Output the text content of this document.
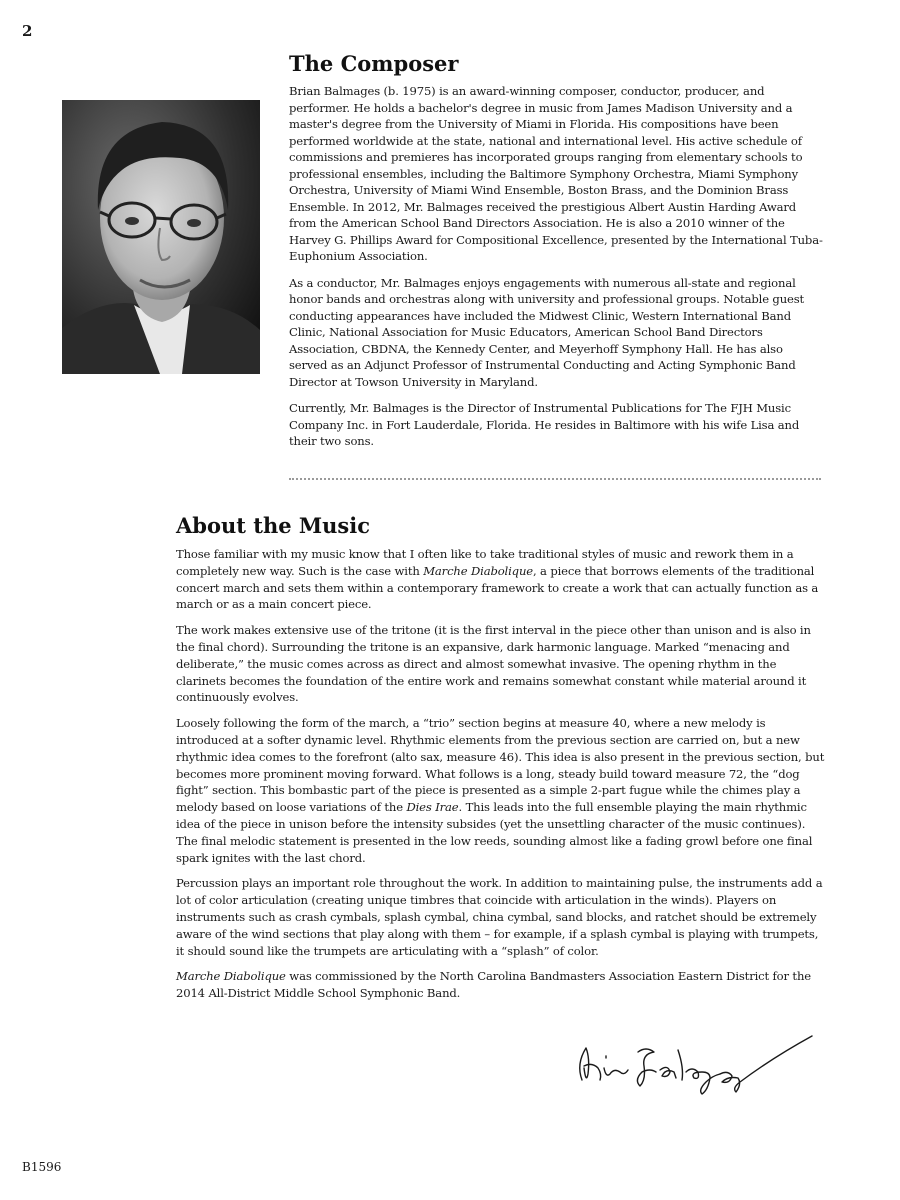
2
The Composer

Brian Balmages (b. 1975) is an award-winning composer, conductor, producer, and performer. He holds a bachelor's degree in music from James Madison University and a master's degree from the University of Miami in Florida. His compositions have been performed worldwide at the state, national and international level. His active schedule of commissions and premieres has incorporated groups ranging from elementary schools to professional ensembles, including the Baltimore Symphony Orchestra, Miami Symphony Orchestra, University of Miami Wind Ensemble, Boston Brass, and the Dominion Brass Ensemble. In 2012, Mr. Balmages received the prestigious Albert Austin Harding Award from the American School Band Directors Association. He is also a 2010 winner of the Harvey G. Phillips Award for Compositional Excellence, presented by the International Tuba-Euphonium Association.

As a conductor, Mr. Balmages enjoys engagements with numerous all-state and regional honor bands and orchestras along with university and professional groups. Notable guest conducting appearances have included the Midwest Clinic, Western International Band Clinic, National Association for Music Educators, American School Band Directors Association, CBDNA, the Kennedy Center, and Meyerhoff Symphony Hall. He has also served as an Adjunct Professor of Instrumental Conducting and Acting Symphonic Band Director at Towson University in Maryland.

Currently, Mr. Balmages is the Director of Instrumental Publications for The FJH Music Company Inc. in Fort Lauderdale, Florida. He resides in Baltimore with his wife Lisa and their two sons.

About the Music

Those familiar with my music know that I often like to take traditional styles of music and rework them in a completely new way. Such is the case with Marche Diabolique, a piece that borrows elements of the traditional concert march and sets them within a contemporary framework to create a work that can actually function as a march or as a main concert piece.

The work makes extensive use of the tritone (it is the first interval in the piece other than unison and is also in the final chord). Surrounding the tritone is an expansive, dark harmonic language. Marked “menacing and deliberate,” the music comes across as direct and almost somewhat invasive. The opening rhythm in the clarinets becomes the foundation of the entire work and remains somewhat constant while material around it continuously evolves.

Loosely following the form of the march, a “trio” section begins at measure 40, where a new melody is introduced at a softer dynamic level. Rhythmic elements from the previous section are carried on, but a new rhythmic idea comes to the forefront (alto sax, measure 46). This idea is also present in the previous section, but becomes more prominent moving forward. What follows is a long, steady build toward measure 72, the “dog fight” section. This bombastic part of the piece is presented as a simple 2-part fugue while the chimes play a melody based on loose variations of the Dies Irae. This leads into the full ensemble playing the main rhythmic idea of the piece in unison before the intensity subsides (yet the unsettling character of the music continues). The final melodic statement is presented in the low reeds, sounding almost like a fading growl before one final spark ignites with the last chord.

Percussion plays an important role throughout the work. In addition to maintaining pulse, the instruments add a lot of color articulation (creating unique timbres that coincide with articulation in the winds). Players on instruments such as crash cymbals, splash cymbal, china cymbal, sand blocks, and ratchet should be extremely aware of the wind sections that play along with them – for example, if a splash cymbal is playing with trumpets, it should sound like the trumpets are articulating with a “splash” of color.

Marche Diabolique was commissioned by the North Carolina Bandmasters Association Eastern District for the 2014 All-District Middle School Symphonic Band.

B1596
